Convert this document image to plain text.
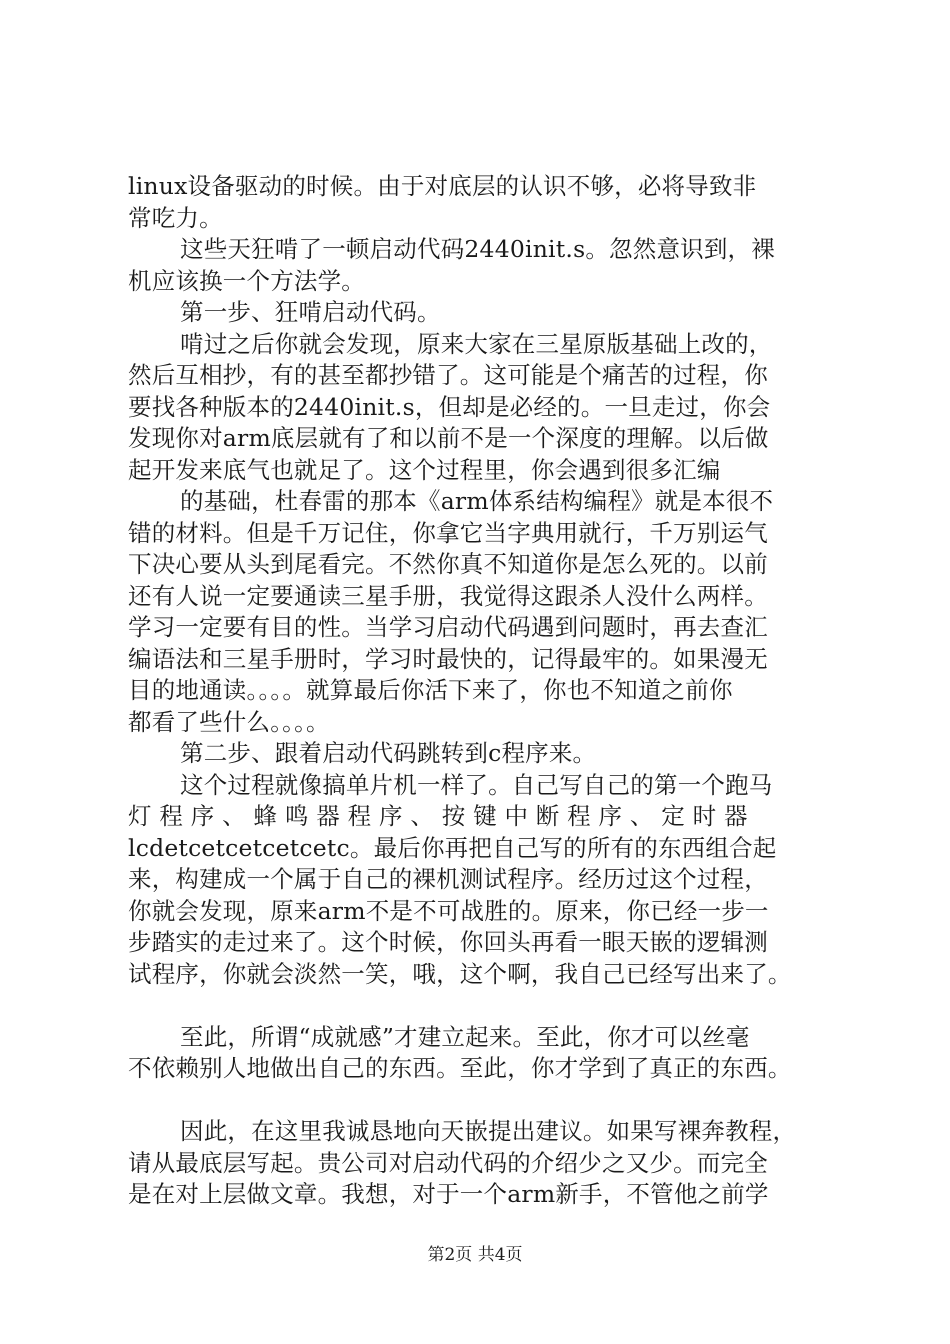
linux设备驱动的时候。由于对底层的认识不够，必将导致非
常吃力。
这些天狂啃了一顿启动代码2440init.s。忽然意识到，裸
机应该换一个方法学。
第一步、狂啃启动代码。
啃过之后你就会发现，原来大家在三星原版基础上改的，
然后互相抄，有的甚至都抄错了。这可能是个痛苦的过程，你
要找各种版本的2440init.s，但却是必经的。一旦走过，你会
发现你对arm底层就有了和以前不是一个深度的理解。以后做
起开发来底气也就足了。这个过程里，你会遇到很多汇编
的基础，杜春雷的那本《arm体系结构编程》就是本很不
错的材料。但是千万记住，你拿它当字典用就行，千万别运气
下决心要从头到尾看完。不然你真不知道你是怎么死的。以前
还有人说一定要通读三星手册，我觉得这跟杀人没什么两样。
学习一定要有目的性。当学习启动代码遇到问题时，再去查汇
编语法和三星手册时，学习时最快的，记得最牢的。如果漫无
目的地通读。。。。就算最后你活下来了，你也不知道之前你
都看了些什么。。。。
第二步、跟着启动代码跳转到c程序来。
这个过程就像搞单片机一样了。自己写自己的第一个跑马
灯 程 序 、 蜂 鸣 器 程 序 、 按 键 中 断 程 序 、 定 时 器
lcdetcetcetcetcetc。最后你再把自己写的所有的东西组合起
来，构建成一个属于自己的裸机测试程序。经历过这个过程，
你就会发现，原来arm不是不可战胜的。原来，你已经一步一
步踏实的走过来了。这个时候，你回头再看一眼天嵌的逻辑测
试程序，你就会淡然一笑，哦，这个啊，我自己已经写出来了。
至此，所谓“成就感”才建立起来。至此，你才可以丝毫
不依赖别人地做出自己的东西。至此，你才学到了真正的东西。
因此，在这里我诚恳地向天嵌提出建议。如果写裸奔教程，
请从最底层写起。贵公司对启动代码的介绍少之又少。而完全
是在对上层做文章。我想，对于一个arm新手，不管他之前学
第2页 共4页
